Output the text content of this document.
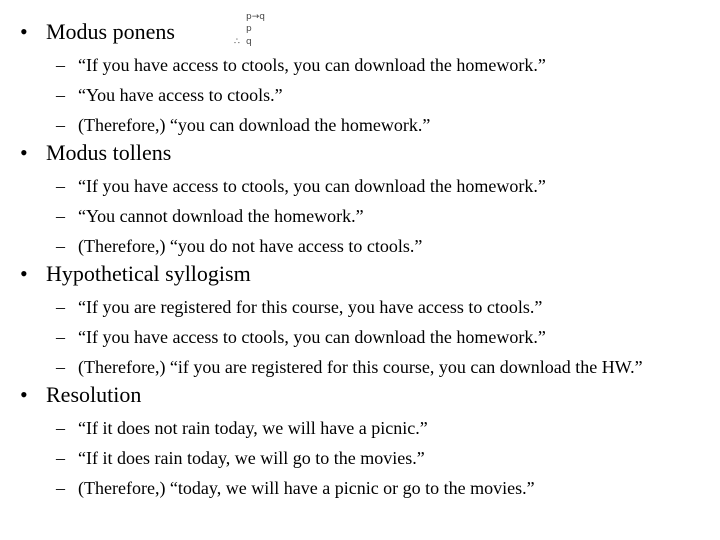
• Modus ponens
– “If you have access to ctools, you can download the homework.”
– “You have access to ctools.”
– (Therefore,) “you can download the homework.”
• Modus tollens
– “If you have access to ctools, you can download the homework.”
– “You cannot download the homework.”
– (Therefore,) “you do not have access to ctools.”
• Hypothetical syllogism
– “If you are registered for this course, you have access to ctools.”
– “If you have access to ctools, you can download the homework.”
– (Therefore,) “if you are registered for this course, you can download the HW.”
• Resolution
– “If it does not rain today, we will have a picnic.”
– “If it does rain today, we will go to the movies.”
– (Therefore,) “today, we will have a picnic or go to the movies.”
p→q
p
∴ q
